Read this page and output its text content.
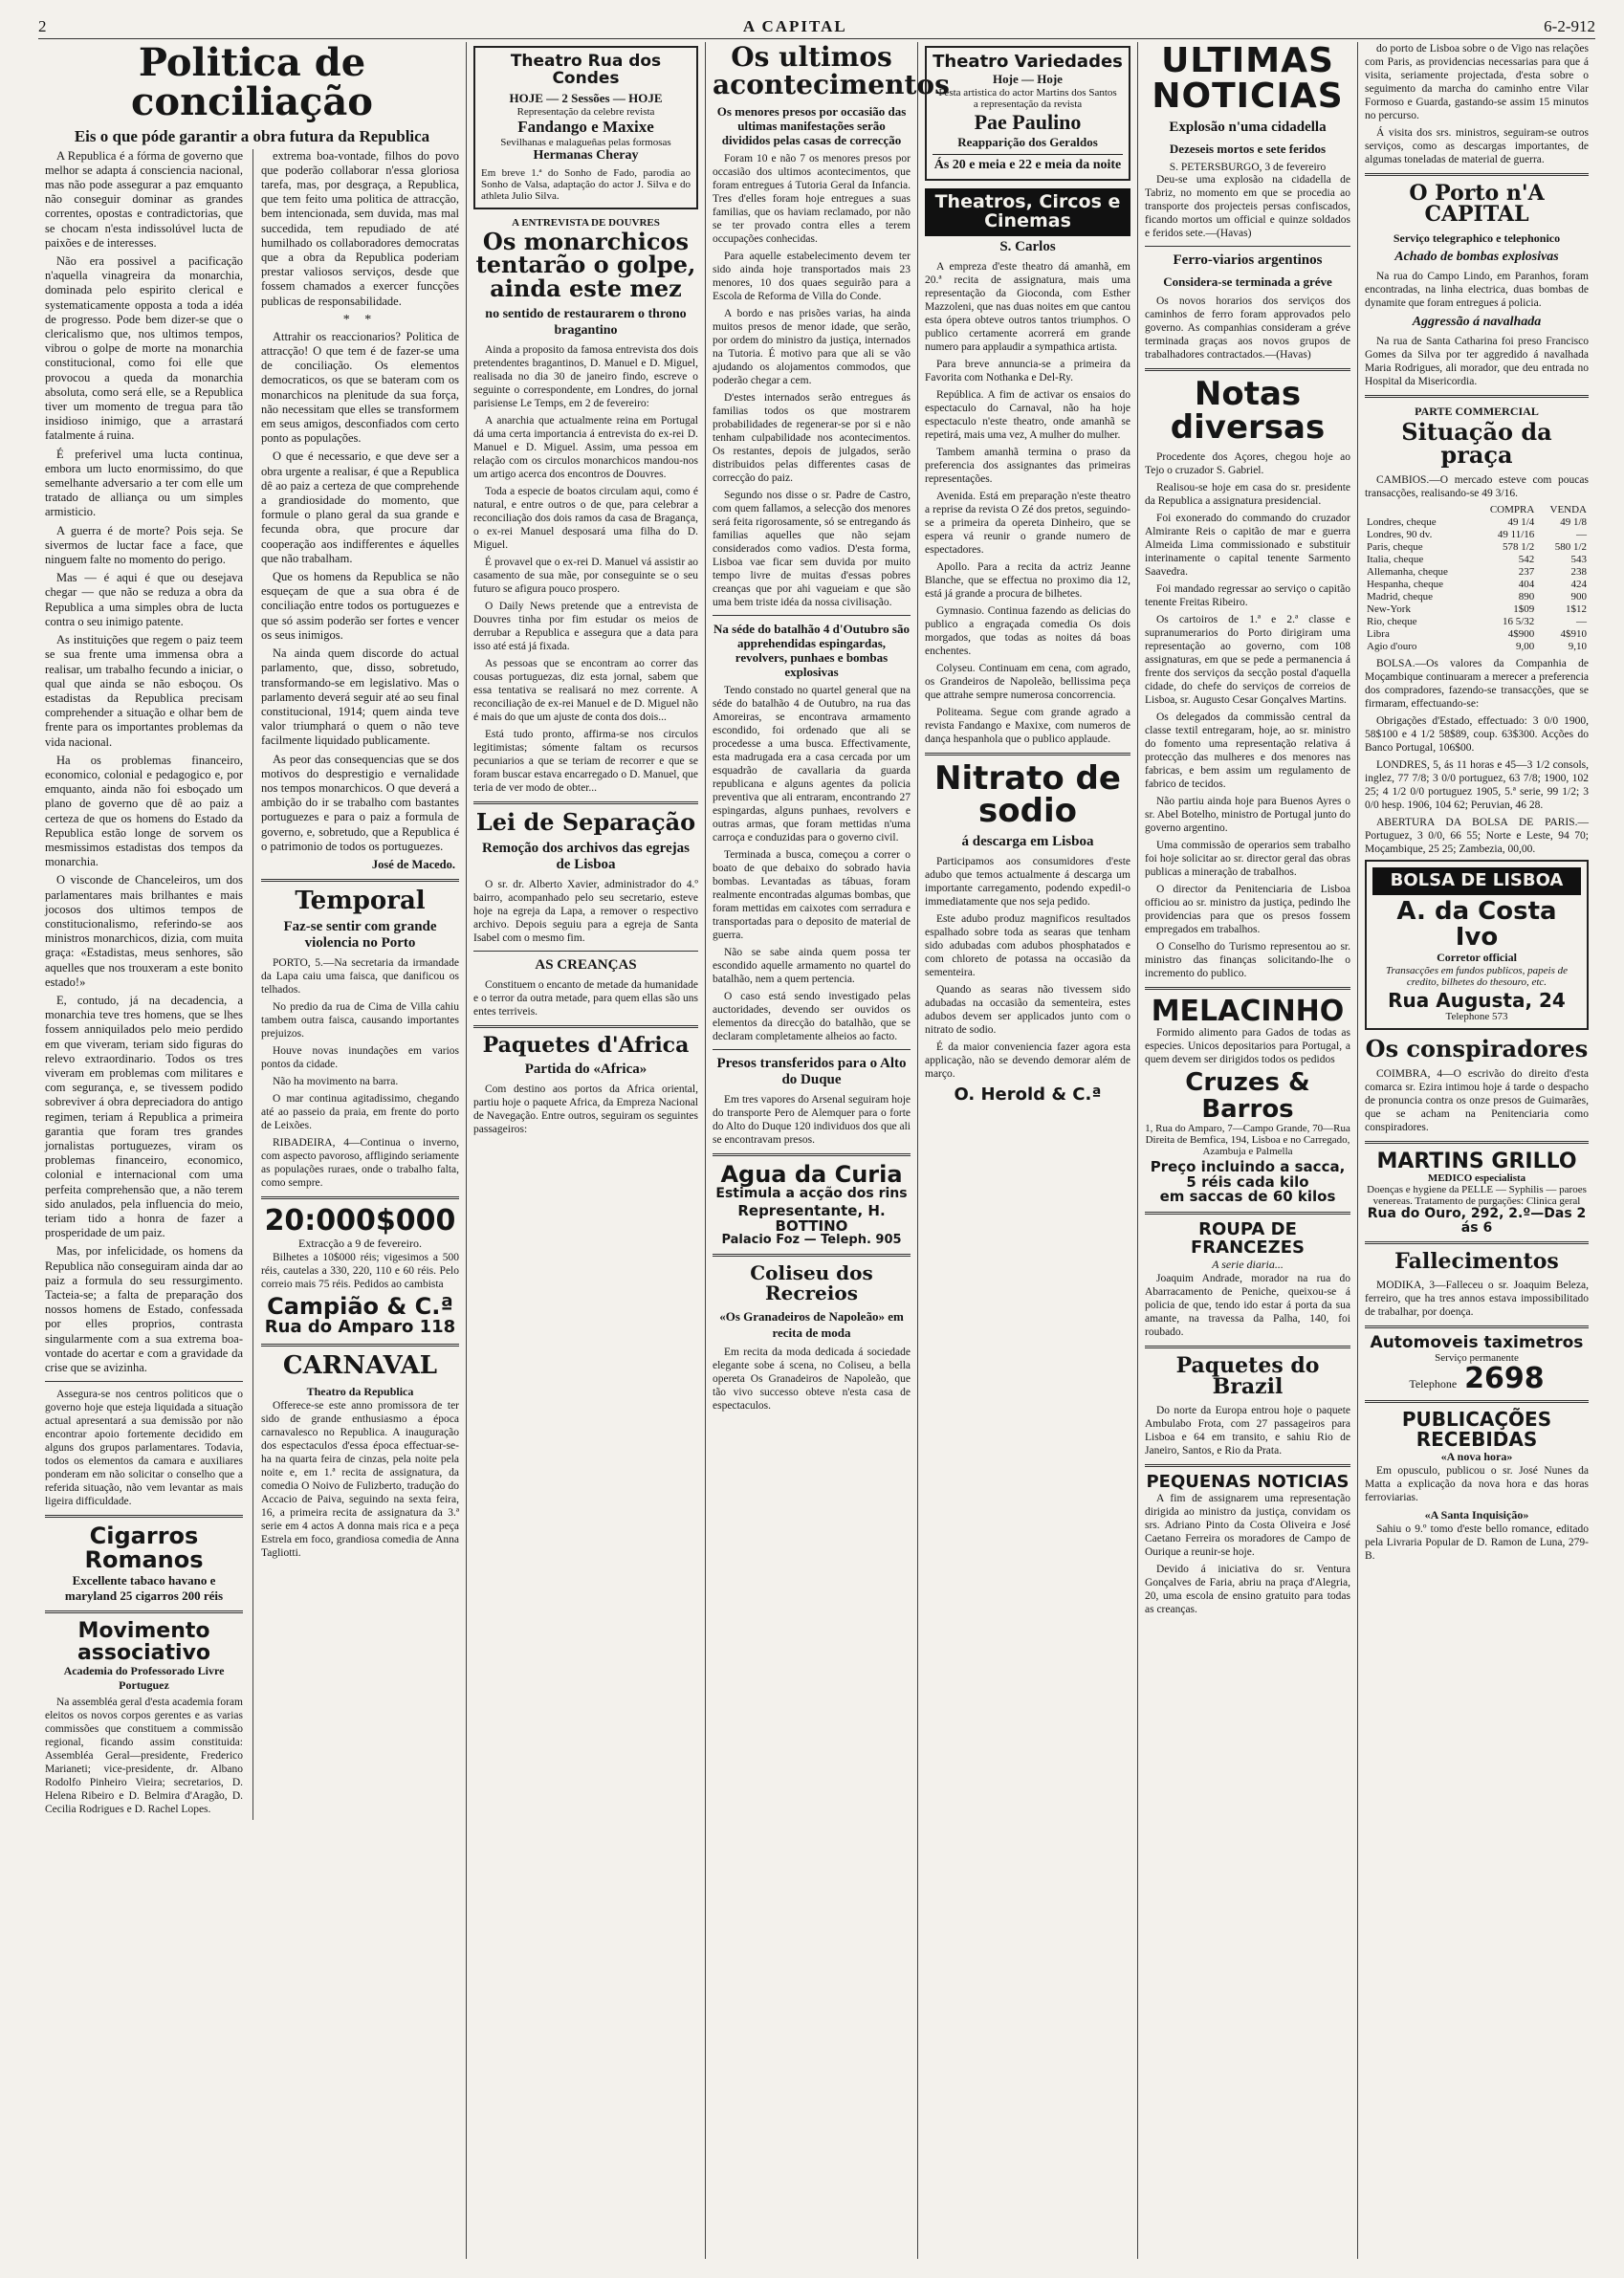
2	A CAPITAL	6-2-912
Politica de conciliação
Eis o que póde garantir a obra futura da Republica

A Republica é a fórma de governo que melhor se adapta á consciencia nacional, mas não pode assegurar a paz emquanto não conseguir dominar as grandes correntes, opostas e contradictorias, que se chocam n'esta indissolúvel lucta de paixões e de interesses.

Não era possivel a pacificação n'aquella vinagreira da monarchia, dominada pelo espirito clerical e systematicamente opposta a toda a idéa de progresso. Pode bem dizer-se que o clericalismo que, nos ultimos tempos, vibrou o golpe de morte na monarchia constitucional, como foi elle que provocou a queda da monarchia absoluta, como será elle, se a Republica tiver um momento de tregua para tão insidioso inimigo, que a arrastará fatalmente á ruina.

É preferivel uma lucta continua, embora um lucto enormissimo, do que semelhante adversario a ter com elle um tratado de alliança ou um simples armisticio.

A guerra é de morte? Pois seja. Se sivermos de luctar face a face, que ninguem falte no momento do perigo.

Mas — é aqui é que ou desejava chegar — que não se reduza a obra da Republica a uma simples obra de lucta contra o seu inimigo patente.

As instituições que regem o paiz teem se sua frente uma immensa obra a realisar, um trabalho fecundo a iniciar, o qual que ainda se não esboçou. Os estadistas da Republica precisam comprehender a situação e olhar bem de frente para os importantes problemas da vida nacional.

Ha os problemas financeiro, economico, colonial e pedagogico e, por emquanto, ainda não foi esboçado um plano de governo que dê ao paiz a certeza de que os homens do Estado da Republica estão longe de sorvem os mesmissimos estadistas dos tempos da monarchia.

O visconde de Chanceleiros, um dos parlamentares mais brilhantes e mais jocosos dos ultimos tempos de constitucionalismo, referindo-se aos ministros monarchicos, dizia, com muita graça: «Estadistas, meus senhores, são aquelles que nos trouxeram a este bonito estado!»

E, contudo, já na decadencia, a monarchia teve tres homens, que se lhes fossem anniquilados pelo meio perdido em que viveram, teriam sido figuras do relevo extraordinario. Todos os tres viveram em problemas com militares e com segurança, e, se tivessem podido sobreviver á obra depreciadora do antigo regimen, teriam á Republica a primeira garantia que foram tres grandes jornalistas portuguezes, viram os problemas financeiro, economico, colonial e internacional com uma perfeita comprehensão que, a não terem sido anulados, pela influencia do meio, teriam tido a honra de fazer a prosperidade de um paiz.

Mas, por infelicidade, os homens da Republica não conseguiram ainda dar ao paiz a formula do seu ressurgimento. Tacteia-se; a falta de preparação dos nossos homens de Estado, confessada por elles proprios, contrasta singularmente com a sua extrema boa-vontade do acertar e com a gravidade da crise que se avizinha.

Assegura-se nos centros politicos que o governo hoje que esteja liquidada a situação actual apresentará a sua demissão por não encontrar apoio fortemente decidido em alguns dos grupos parlamentares. Todavia, todos os elementos da camara e auxiliares ponderam em não solicitar o conselho que a referida situação, não vem levantar as mais ligeira difficuldade.

Cigarros Romanos
Excellente tabaco havano e maryland 25 cigarros 200 réis
Movimento associativo
Academia do Professorado Livre Portuguez

Na assembléa geral d'esta academia foram eleitos os novos corpos gerentes e as varias commissões que constituem a commissão regional, ficando assim constituida: Assembléa Geral—presidente, Frederico Marianeti; vice-presidente, dr. Albano Rodolfo Pinheiro Vieira; secretarios, D. Helena Ribeiro e D. Belmira d'Aragão, D. Cecilia Rodrigues e D. Rachel Lopes.

extrema boa-vontade, filhos do povo que poderão collaborar n'essa gloriosa tarefa, mas, por desgraça, a Republica, que tem feito uma politica de attracção, bem intencionada, sem duvida, mas mal succedida, tem repudiado de até humilhado os collaboradores democratas que a obra da Republica poderiam prestar valiosos serviços, desde que fossem chamados a exercer funcções publicas de responsabilidade.

* *

Attrahir os reaccionarios? Politica de attracção! O que tem é de fazer-se uma de conciliação. Os elementos democraticos, os que se bateram com os monarchicos na plenitude da sua força, não necessitam que elles se transformem em seus amigos, desconfiados com certo ponto as populações.

O que é necessario, e que deve ser a obra urgente a realisar, é que a Republica dê ao paiz a certeza de que comprehende a grandiosidade do momento, que formule o plano geral da sua grande e fecunda obra, que procure dar cooperação aos indifferentes e áquelles que não trabalham.

Que os homens da Republica se não esqueçam de que a sua obra é de conciliação entre todos os portuguezes e que só assim poderão ser fortes e vencer os seus inimigos.

Na ainda quem discorde do actual parlamento, que, disso, sobretudo, transformando-se em legislativo. Mas o parlamento deverá seguir até ao seu final constitucional, 1914; quem ainda teve valor triumphará o quem o não teve facilmente liquidado publicamente.

As peor das consequencias que se dos motivos do desprestigio e vernalidade nos tempos monarchicos. O que deverá a ambição do ir se trabalho com bastantes portuguezes e para o paiz a formula de governo, e, sobretudo, que a Republica é o patrimonio de todos os portuguezes.

José de Macedo.
Temporal
Faz-se sentir com grande violencia no Porto

PORTO, 5.—Na secretaria da irmandade da Lapa caiu uma faisca, que danificou os telhados.

No predio da rua de Cima de Villa cahiu tambem outra faisca, causando importantes prejuizos.

Houve novas inundações em varios pontos da cidade.

Não ha movimento na barra.

O mar continua agitadissimo, chegando até ao passeio da praia, em frente do porto de Leixões.

RIBADEIRA, 4—Continua o inverno, com aspecto pavoroso, affligindo seriamente as populações ruraes, onde o trabalho falta, como sempre.

20:000$000
Extracção a 9 de fevereiro.

Bilhetes a 10$000 réis; vigesimos a 500 réis, cautelas a 330, 220, 110 e 60 réis. Pelo correio mais 75 réis. Pedidos ao cambista

Campião & C.ª
Rua do Amparo 118
CARNAVAL
Theatro da Republica

Offerece-se este anno promissora de ter sido de grande enthusiasmo a época carnavalesco no Republica. A inauguração dos espectaculos d'essa época effectuar-se-ha na quarta feira de cinzas, pela noite pela noite e, em 1.ª recita de assignatura, da comedia O Noivo de Fulizberto, tradução do Accacio de Paiva, seguindo na sexta feira, 16, a primeira recita de assignatura da 3.ª serie em 4 actos A donna mais rica e a peça Estrela em foco, grandiosa comedia de Anna Tagliotti.

Theatro Rua dos Condes
HOJE — 2 Sessões — HOJE
Representação da celebre revista
Fandango e Maxixe
Sevilhanas e malagueñas pelas formosas
Hermanas Cheray
Em breve 1.ª do Sonho de Fado, parodia ao Sonho de Valsa, adaptação do actor J. Silva e do athleta Julio Silva.
A ENTREVISTA DE DOUVRES
Os monarchicos tentarão o golpe, ainda este mez
no sentido de restaurarem o throno bragantino

Ainda a proposito da famosa entrevista dos dois pretendentes bragantinos, D. Manuel e D. Miguel, realisada no dia 30 de janeiro findo, escreve o seguinte o correspondente, em Londres, do jornal parisiense Le Temps, em 2 de fevereiro:

A anarchia que actualmente reina em Portugal dá uma certa importancia á entrevista do ex-rei D. Manuel e D. Miguel. Assim, uma pessoa em relação com os circulos monarchicos mandou-nos um artigo acerca dos encontros de Douvres.

Toda a especie de boatos circulam aqui, como é natural, e entre outros o de que, para celebrar a reconciliação dos dois ramos da casa de Bragança, o ex-rei Manuel desposará uma filha do D. Miguel.

É provavel que o ex-rei D. Manuel vá assistir ao casamento de sua mãe, por conseguinte se o seu futuro se afigura pouco prospero.

O Daily News pretende que a entrevista de Douvres tinha por fim estudar os meios de derrubar a Republica e assegura que a data para isso até está já fixada.

As pessoas que se encontram ao correr das cousas portuguezas, diz esta jornal, sabem que essa tentativa se realisará no mez corrente. A reconciliação de ex-rei Manuel e de D. Miguel não é mais do que um ajuste de conta dos dois...

Está tudo pronto, affirma-se nos circulos legitimistas; sómente faltam os recursos pecuniarios a que se teriam de recorrer e que se foram buscar estava encarregado o D. Manuel, que teria de ver modo de obter...

Lei de Separação
Remoção dos archivos das egrejas de Lisboa

O sr. dr. Alberto Xavier, administrador do 4.º bairro, acompanhado pelo seu secretario, esteve hoje na egreja da Lapa, a remover o respectivo archivo. Depois seguiu para a egreja de Santa Isabel com o mesmo fim.

AS CREANÇAS

Constituem o encanto de metade da humanidade e o terror da outra metade, para quem ellas são uns entes terriveis.

Paquetes d'Africa
Partida do «Africa»

Com destino aos portos da Africa oriental, partiu hoje o paquete Africa, da Empreza Nacional de Navegação. Entre outros, seguiram os seguintes passageiros:

Os ultimos acontecimentos
Os menores presos por occasião das ultimas manifestações serão divididos pelas casas de correcção

Foram 10 e não 7 os menores presos por occasião dos ultimos acontecimentos, que foram entregues á Tutoria Geral da Infancia. Tres d'elles foram hoje entregues a suas familias, que os haviam reclamado, por não se ter provado contra elles a terem occupações conhecidas.

Para aquelle estabelecimento devem ter sido ainda hoje transportados mais 23 menores, 10 dos quaes seguirão para a Escola de Reforma de Villa do Conde.

A bordo e nas prisões varias, ha ainda muitos presos de menor idade, que serão, por ordem do ministro da justiça, internados na Tutoria. É motivo para que ali se vão ajudando os alojamentos commodos, que poderão chegar a cem.

D'estes internados serão entregues ás familias todos os que mostrarem probabilidades de regenerar-se por si e não tenham culpabilidade nos acontecimentos. Os restantes, depois de julgados, serão distribuidos pelas differentes casas de correcção do paiz.

Segundo nos disse o sr. Padre de Castro, com quem fallamos, a selecção dos menores será feita rigorosamente, só se entregando ás familias aquelles que não sejam considerados como vadios. D'esta forma, Lisboa vae ficar sem duvida por muito tempo livre de muitas d'essas pobres creanças que por ahi vagueiam e que são uma bem triste idéa da nossa civilisação.

Na séde do batalhão 4 d'Outubro são apprehendidas espingardas, revolvers, punhaes e bombas explosivas

Tendo constado no quartel general que na séde do batalhão 4 de Outubro, na rua das Amoreiras, se encontrava armamento escondido, foi ordenado que ali se procedesse a uma busca. Effectivamente, esta madrugada era a casa cercada por um esquadrão de cavallaria da guarda republicana e alguns agentes da policia preventiva que ali entraram, encontrando 27 espingardas, alguns punhaes, revolvers e outras armas, que foram mettidas n'uma carroça e conduzidas para o governo civil.

Terminada a busca, começou a correr o boato de que debaixo do sobrado havia bombas. Levantadas as tábuas, foram realmente encontradas algumas bombas, que foram mettidas em caixotes com serradura e transportadas para o deposito de material de guerra.

Não se sabe ainda quem possa ter escondido aquelle armamento no quartel do batalhão, nem a quem pertencia.

O caso está sendo investigado pelas auctoridades, devendo ser ouvidos os elementos da direcção do batalhão, que se declaram completamente alheios ao facto.

Presos transferidos para o Alto do Duque

Em tres vapores do Arsenal seguiram hoje do transporte Pero de Alemquer para o forte do Alto do Duque 120 individuos dos que ali se encontravam presos.

Agua da Curia
Estimula a acção dos rins
Representante, H. BOTTINO
Palacio Foz — Teleph. 905
Coliseu dos Recreios
«Os Granadeiros de Napoleão» em recita de moda

Em recita da moda dedicada á sociedade elegante sobe á scena, no Coliseu, a bella opereta Os Granadeiros de Napoleão, que tão vivo successo obteve n'esta casa de espectaculos.

Theatro Variedades
Hoje — Hoje
Festa artistica do actor Martins dos Santos
a representação da revista
Pae Paulino
Reapparição dos Geraldos
Ás 20 e meia e 22 e meia da noite
Theatros, Circos e Cinemas
S. Carlos

A empreza d'este theatro dá amanhã, em 20.ª recita de assignatura, mais uma representação da Gioconda, com Esther Mazzoleni, que nas duas noites em que cantou esta ópera obteve outros tantos triumphos. O publico certamente acorrerá em grande numero para applaudir a sympathica artista.

Para breve annuncia-se a primeira da Favorita com Nothanka e Del-Ry.

República. A fim de activar os ensaios do espectaculo do Carnaval, não ha hoje espectaculo n'este theatro, onde amanhã se repetirá, mais uma vez, A mulher do mulher.

Tambem amanhã termina o praso da preferencia dos assignantes das primeiras representações.

Avenida. Está em preparação n'este theatro a reprise da revista O Zé dos pretos, seguindo-se a primeira da opereta Dinheiro, que se espera vá reunir o grande numero de espectadores.

Apollo. Para a recita da actriz Jeanne Blanche, que se effectua no proximo dia 12, está já grande a procura de bilhetes.

Gymnasio. Continua fazendo as delicias do publico a engraçada comedia Os dois morgados, que todas as noites dá boas enchentes.

Colyseu. Continuam em cena, com agrado, os Grandeiros de Napoleão, bellissima peça que attrahe sempre numerosa concorrencia.

Politeama. Segue com grande agrado a revista Fandango e Maxixe, com numeros de dança hespanhola que o publico applaude.

Nitrato de sodio
á descarga em Lisboa

Participamos aos consumidores d'este adubo que temos actualmente á descarga um importante carregamento, podendo expedil-o immediatamente que nos seja pedido.

Este adubo produz magnificos resultados espalhado sobre toda as searas que tenham sido adubadas com adubos phosphatados e com chloreto de potassa na occasião da sementeira.

Quando as searas não tivessem sido adubadas na occasião da sementeira, estes adubos devem ser applicados junto com o nitrato de sodio.

É da maior conveniencia fazer agora esta applicação, não se devendo demorar além de março.

O. Herold & C.ª
ULTIMAS NOTICIAS
Explosão n'uma cidadella
Dezeseis mortos e sete feridos
S. PETERSBURGO, 3 de fevereiro

Deu-se uma explosão na cidadella de Tabriz, no momento em que se procedia ao transporte dos projecteis persas confiscados, ficando mortos um official e quinze soldados e feridos sete.—(Havas)

Ferro-viarios argentinos
Considera-se terminada a gréve

Os novos horarios dos serviços dos caminhos de ferro foram approvados pelo governo. As companhias consideram a gréve terminada graças aos novos grupos de trabalhadores contractados.—(Havas)

Notas diversas

Procedente dos Açores, chegou hoje ao Tejo o cruzador S. Gabriel.

Realisou-se hoje em casa do sr. presidente da Republica a assignatura presidencial.

Foi exonerado do commando do cruzador Almirante Reis o capitão de mar e guerra Almeida Lima commissionado e substituir interinamente o capital tenente Sarmento Saavedra.

Foi mandado regressar ao serviço o capitão tenente Freitas Ribeiro.

Os cartoiros de 1.ª e 2.ª classe e supranumerarios do Porto dirigiram uma representação ao governo, com 108 assignaturas, em que se pede a permanencia á frente dos serviços da secção postal d'aquella cidade, do chefe do serviços de correios de Lisboa, sr. Augusto Cesar Gonçalves Martins.

Os delegados da commissão central da classe textil entregaram, hoje, ao sr. ministro do fomento uma representação relativa á protecção das mulheres e dos menores nas fabricas, e bem assim um regulamento de fabrico de tecidos.

Não partiu ainda hoje para Buenos Ayres o sr. Abel Botelho, ministro de Portugal junto do governo argentino.

Uma commissão de operarios sem trabalho foi hoje solicitar ao sr. director geral das obras publicas a mineração de trabalhos.

O director da Penitenciaria de Lisboa officiou ao sr. ministro da justiça, pedindo lhe providencias para que os presos fossem empregados em trabalhos.

O Conselho do Turismo representou ao sr. ministro das finanças solicitando-lhe o incremento do publico.

MELACINHO

Formido alimento para Gados de todas as especies. Unicos depositarios para Portugal, a quem devem ser dirigidos todos os pedidos

Cruzes & Barros
1, Rua do Amparo, 7—Campo Grande, 70—Rua Direita de Bemfica, 194, Lisboa e no Carregado, Azambuja e Palmella
Preço incluindo a sacca, 5 réis cada kilo
em saccas de 60 kilos
ROUPA DE FRANCEZES
A serie diaria...

Joaquim Andrade, morador na rua do Abarracamento de Peniche, queixou-se á policia de que, tendo ido estar á porta da sua amante, na travessa da Palha, 140, foi roubado.

Paquetes do Brazil

Do norte da Europa entrou hoje o paquete Ambulabo Frota, com 27 passageiros para Lisboa e 64 em transito, e sahiu Rio de Janeiro, Santos, e Rio da Prata.

PEQUENAS NOTICIAS

A fim de assignarem uma representação dirigida ao ministro da justiça, convidam os srs. Adriano Pinto da Costa Oliveira e José Caetano Ferreira os moradores de Campo de Ourique a reunir-se hoje.

Devido á iniciativa do sr. Ventura Gonçalves de Faria, abriu na praça d'Alegria, 20, uma escola de ensino gratuito para todas as creanças.

do porto de Lisboa sobre o de Vigo nas relações com Paris, as providencias necessarias para que á visita, seriamente projectada, d'esta sobre o seguimento da marcha do caminho entre Vilar Formoso e Guarda, gastando-se assim 15 minutos no percurso.

Á visita dos srs. ministros, seguiram-se outros serviços, como as descargas importantes, de algumas toneladas de material de guerra.

O Porto n'A CAPITAL
Serviço telegraphico e telephonico
Achado de bombas explosivas

Na rua do Campo Lindo, em Paranhos, foram encontradas, na linha electrica, duas bombas de dynamite que foram entregues á policia.

Aggressão á navalhada

Na rua de Santa Catharina foi preso Francisco Gomes da Silva por ter aggredido á navalhada Maria Rodrigues, ali morador, que deu entrada no Hospital da Misericordia.

PARTE COMMERCIAL
Situação da praça

CAMBIOS.—O mercado esteve com poucas transacções, realisando-se 49 3/16.

	COMPRA	VENDA
Londres, cheque	49 1/4	49 1/8
Londres, 90 dv.	49 11/16	—
Paris, cheque	578 1/2	580 1/2
Italia, cheque	542	543
Allemanha, cheque	237	238
Hespanha, cheque	404	424
Madrid, cheque	890	900
New-York	1$09	1$12
Rio, cheque	16 5/32	—
Libra	4$900	4$910
Agio d'ouro	9,00	9,10

BOLSA.—Os valores da Companhia de Moçambique continuaram a merecer a preferencia dos compradores, fazendo-se transacções, que se firmaram, effectuando-se:

Obrigações d'Estado, effectuado: 3 0/0 1900, 58$100 e 4 1/2 58$89, coup. 63$300. Acções do Banco Portugal, 106$00.

LONDRES, 5, ás 11 horas e 45—3 1/2 consols, inglez, 77 7/8; 3 0/0 portuguez, 63 7/8; 1900, 102 25; 4 1/2 0/0 portuguez 1905, 5.ª serie, 99 1/2; 3 0/0 hesp. 1906, 104 62; Peruvian, 46 28.

ABERTURA DA BOLSA DE PARIS.—Portuguez, 3 0/0, 66 55; Norte e Leste, 94 70; Moçambique, 25 25; Zambezia, 00,00.

BOLSA DE LISBOA
A. da Costa Ivo
Corretor official
Transacções em fundos publicos, papeis de credito, bilhetes do thesouro, etc.
Rua Augusta, 24
Telephone 573
Os conspiradores

COIMBRA, 4—O escrivão do direito d'esta comarca sr. Ezira intimou hoje á tarde o despacho de pronuncia contra os onze presos de Guimarães, que se acham na Penitenciaria como conspiradores.

MARTINS GRILLO
MEDICO especialista
Doenças e hygiene da PELLE — Syphilis — paroes venereas. Tratamento de purgações: Clinica geral
Rua do Ouro, 292, 2.º—Das 2 ás 6
Fallecimentos

MODIKA, 3—Falleceu o sr. Joaquim Beleza, ferreiro, que ha tres annos estava impossibilitado de trabalhar, por doença.

Automoveis taximetros
Serviço permanente
Telephone 2698
PUBLICAÇÕES RECEBIDAS
«A nova hora»

Em opusculo, publicou o sr. José Nunes da Matta a explicação da nova hora e das horas ferroviarias.

«A Santa Inquisição»

Sahiu o 9.º tomo d'este bello romance, editado pela Livraria Popular de D. Ramon de Luna, 279-B.
